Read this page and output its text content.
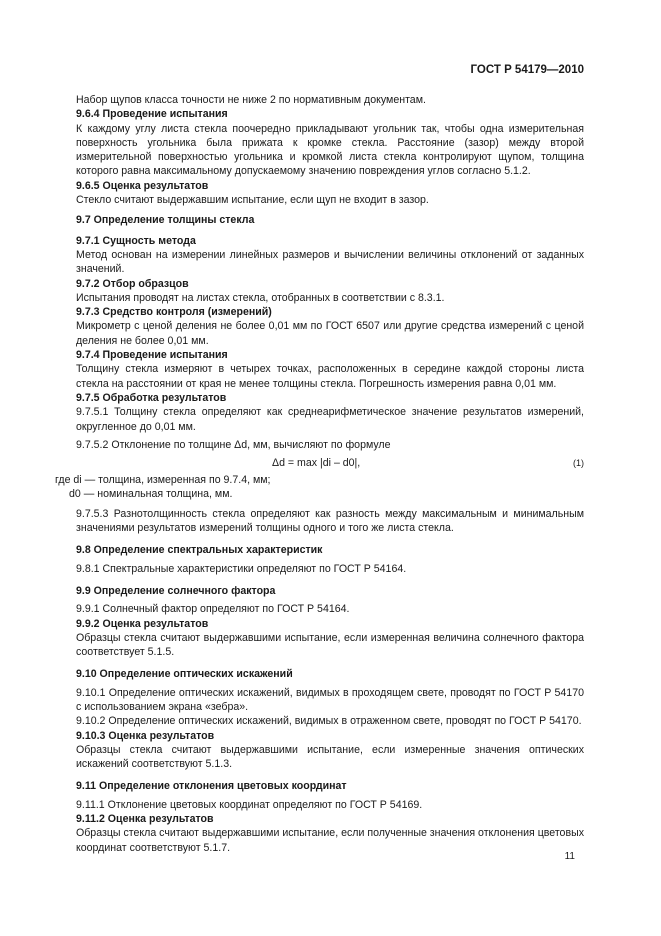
ГОСТ Р 54179—2010

Набор щупов класса точности не ниже 2 по нормативным документам.

9.6.4 Проведение испытания

К каждому углу листа стекла поочередно прикладывают угольник так, чтобы одна измерительная поверхность угольника была прижата к кромке стекла. Расстояние (зазор) между второй измерительной поверхностью угольника и кромкой листа стекла контролируют щупом, толщина которого равна максимальному допускаемому значению повреждения углов согласно 5.1.2.

9.6.5 Оценка результатов

Стекло считают выдержавшим испытание, если щуп не входит в зазор.

9.7 Определение толщины стекла

9.7.1 Сущность метода

Метод основан на измерении линейных размеров и вычислении величины отклонений от заданных значений.

9.7.2 Отбор образцов

Испытания проводят на листах стекла, отобранных в соответствии с 8.3.1.

9.7.3 Средство контроля (измерений)

Микрометр с ценой деления не более 0,01 мм по ГОСТ 6507 или другие средства измерений с ценой деления не более 0,01 мм.

9.7.4 Проведение испытания

Толщину стекла измеряют в четырех точках, расположенных в середине каждой стороны листа стекла на расстоянии от края не менее толщины стекла. Погрешность измерения равна 0,01 мм.

9.7.5 Обработка результатов

9.7.5.1 Толщину стекла определяют как среднеарифметическое значение результатов измерений, округленное до 0,01 мм.

9.7.5.2 Отклонение по толщине Δd, мм, вычисляют по формуле

Δd = max |di – d0|,	(1)

где di — толщина, измеренная по 9.7.4, мм;

d0 — номинальная толщина, мм.

9.7.5.3 Разнотолщинность стекла определяют как разность между максимальным и минимальным значениями результатов измерений толщины одного и того же листа стекла.

9.8 Определение спектральных характеристик

9.8.1 Спектральные характеристики определяют по ГОСТ Р 54164.

9.9 Определение солнечного фактора

9.9.1 Солнечный фактор определяют по ГОСТ Р 54164.

9.9.2 Оценка результатов

Образцы стекла считают выдержавшими испытание, если измеренная величина солнечного фактора соответствует 5.1.5.

9.10 Определение оптических искажений

9.10.1 Определение оптических искажений, видимых в проходящем свете, проводят по ГОСТ Р 54170 с использованием экрана «зебра».

9.10.2 Определение оптических искажений, видимых в отраженном свете, проводят по ГОСТ Р 54170.

9.10.3 Оценка результатов

Образцы стекла считают выдержавшими испытание, если измеренные значения оптических искажений соответствуют 5.1.3.

9.11 Определение отклонения цветовых координат

9.11.1 Отклонение цветовых координат определяют по ГОСТ Р 54169.

9.11.2 Оценка результатов

Образцы стекла считают выдержавшими испытание, если полученные значения отклонения цветовых координат соответствуют 5.1.7.

11
